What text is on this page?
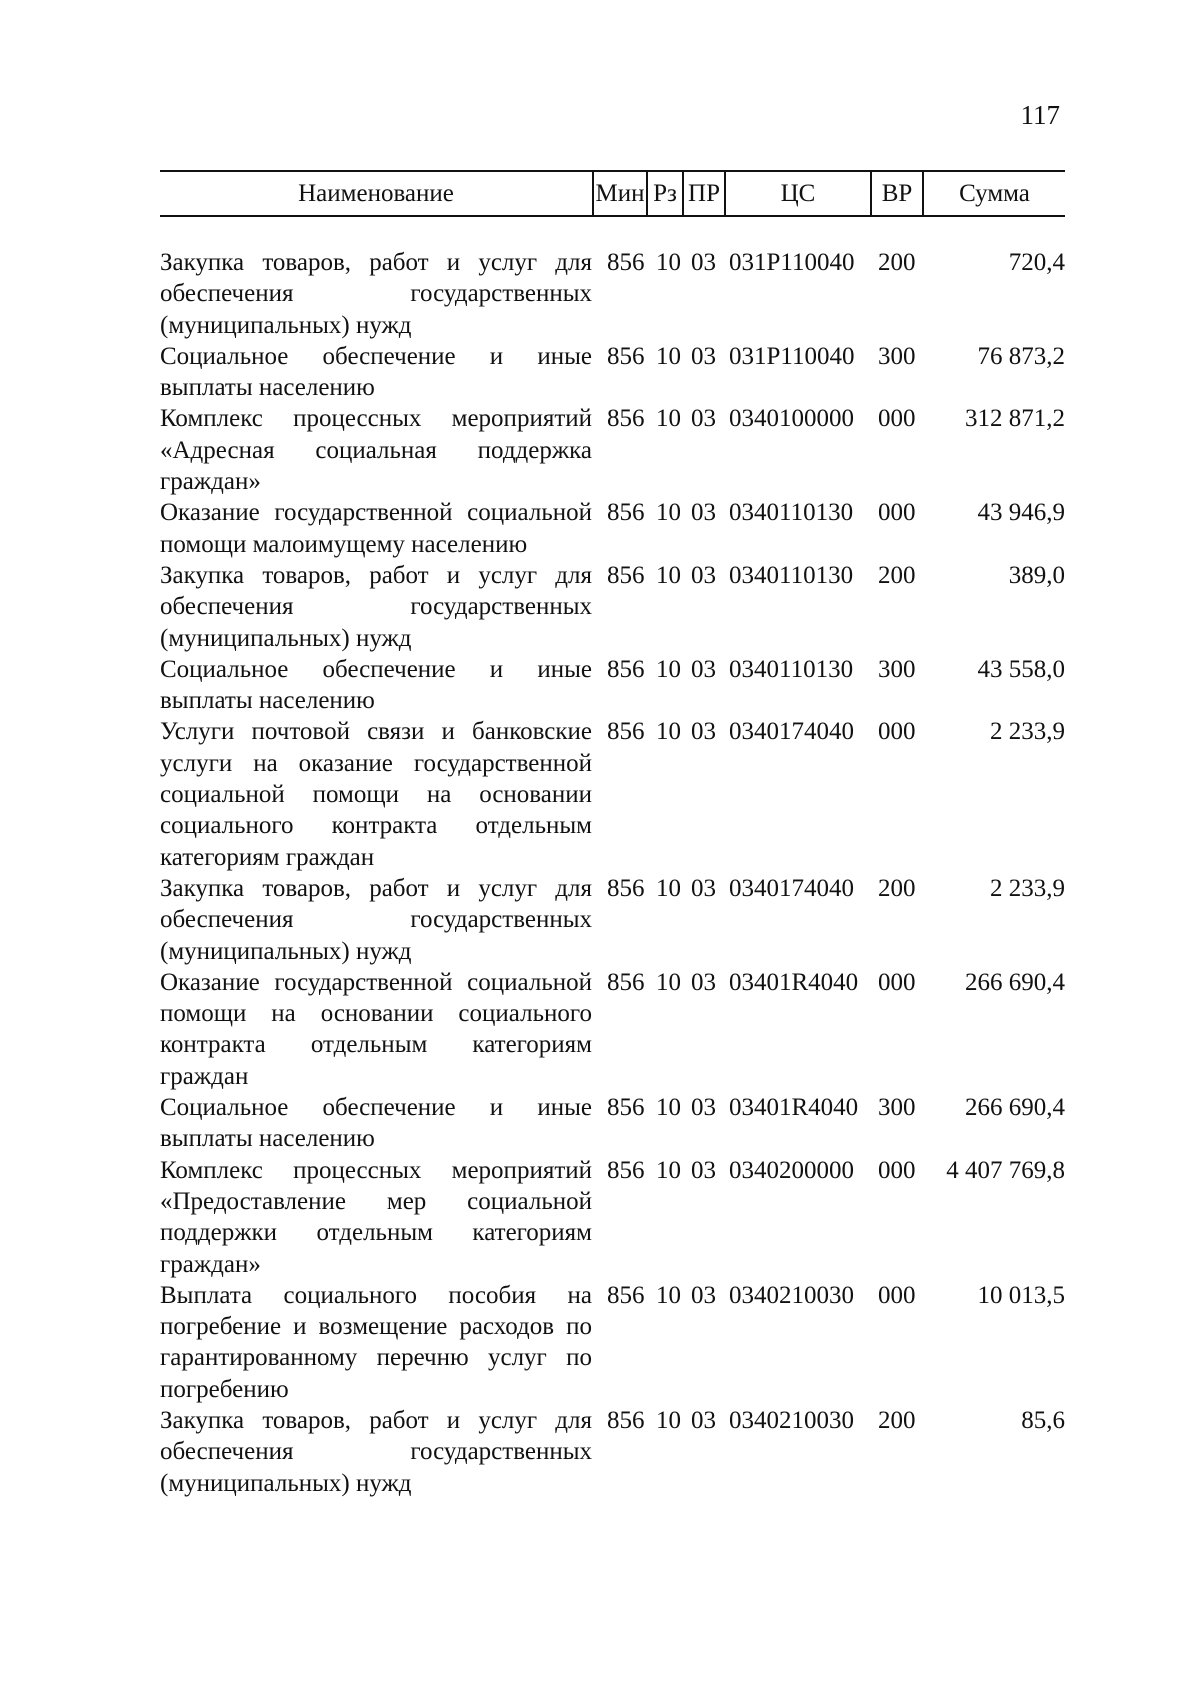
117
Наименование	Мин Рз ПР	ЦС	ВР	Сумма
Закупка товаров, работ и услуг для обеспечения государственных (муниципальных) нужд
856 10 03 031Р110040 200	720,4
Социальное обеспечение и иные выплаты населению
856 10 03 031Р110040 300 76 873,2
Комплекс процессных мероприятий «Адресная социальная поддержка граждан»
856 10 03 0340100000 000 312 871,2
Оказание государственной социальной помощи малоимущему населению
856 10 03 0340110130 000 43 946,9
Закупка товаров, работ и услуг для обеспечения государственных (муниципальных) нужд
856 10 03 0340110130 200	389,0
Социальное обеспечение и иные выплаты населению
856 10 03 0340110130 300 43 558,0
Услуги почтовой связи и банковские услуги на оказание государственной социальной помощи на основании социального контракта отдельным категориям граждан
856 10 03 0340174040 000	2 233,9
Закупка товаров, работ и услуг для обеспечения государственных (муниципальных) нужд
856 10 03 0340174040 200	2 233,9
Оказание государственной социальной помощи на основании социального контракта отдельным категориям граждан
856 10 03 03401R4040 000 266 690,4
Социальное обеспечение и иные выплаты населению
856 10 03 03401R4040 300 266 690,4
Комплекс процессных мероприятий «Предоставление мер социальной поддержки отдельным категориям граждан»
856 10 03 0340200000 000 4 407 769,8
Выплата социального пособия на погребение и возмещение расходов по гарантированному перечню услуг по погребению
856 10 03 0340210030 000 10 013,5
Закупка товаров, работ и услуг для обеспечения государственных (муниципальных) нужд
856 10 03 0340210030 200	85,6
